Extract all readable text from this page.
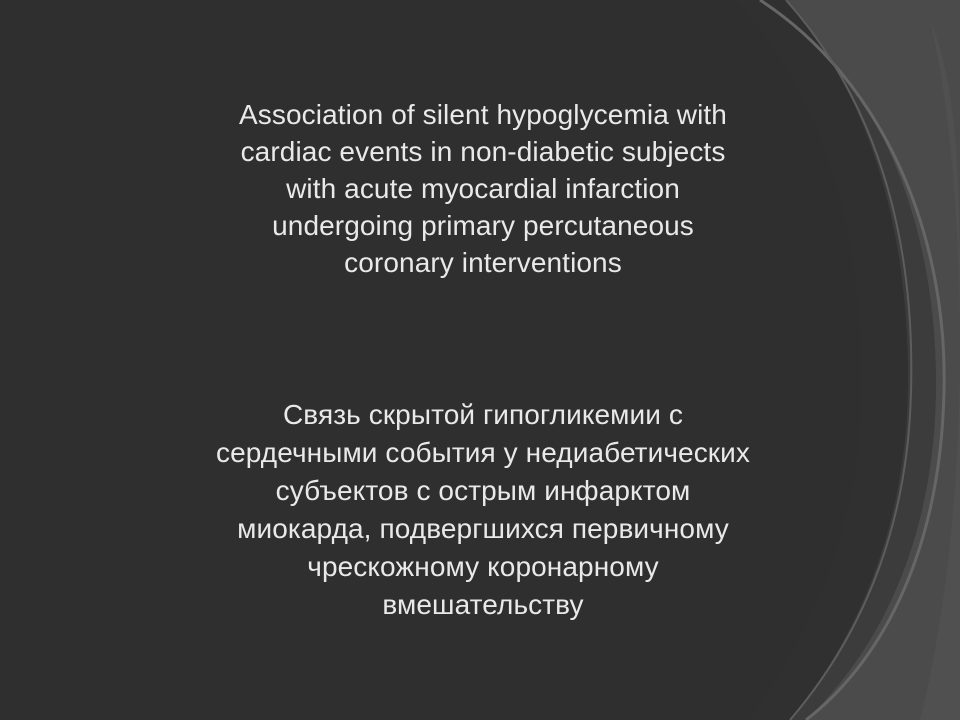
Association of silent hypoglycemia with
cardiac events in non-diabetic subjects
with acute myocardial infarction
undergoing primary percutaneous
coronary interventions
Связь скрытой гипогликемии с
сердечными события у недиабетических
субъектов с острым инфарктом
миокарда, подвергшихся первичному
чрескожному коронарному
вмешательству
